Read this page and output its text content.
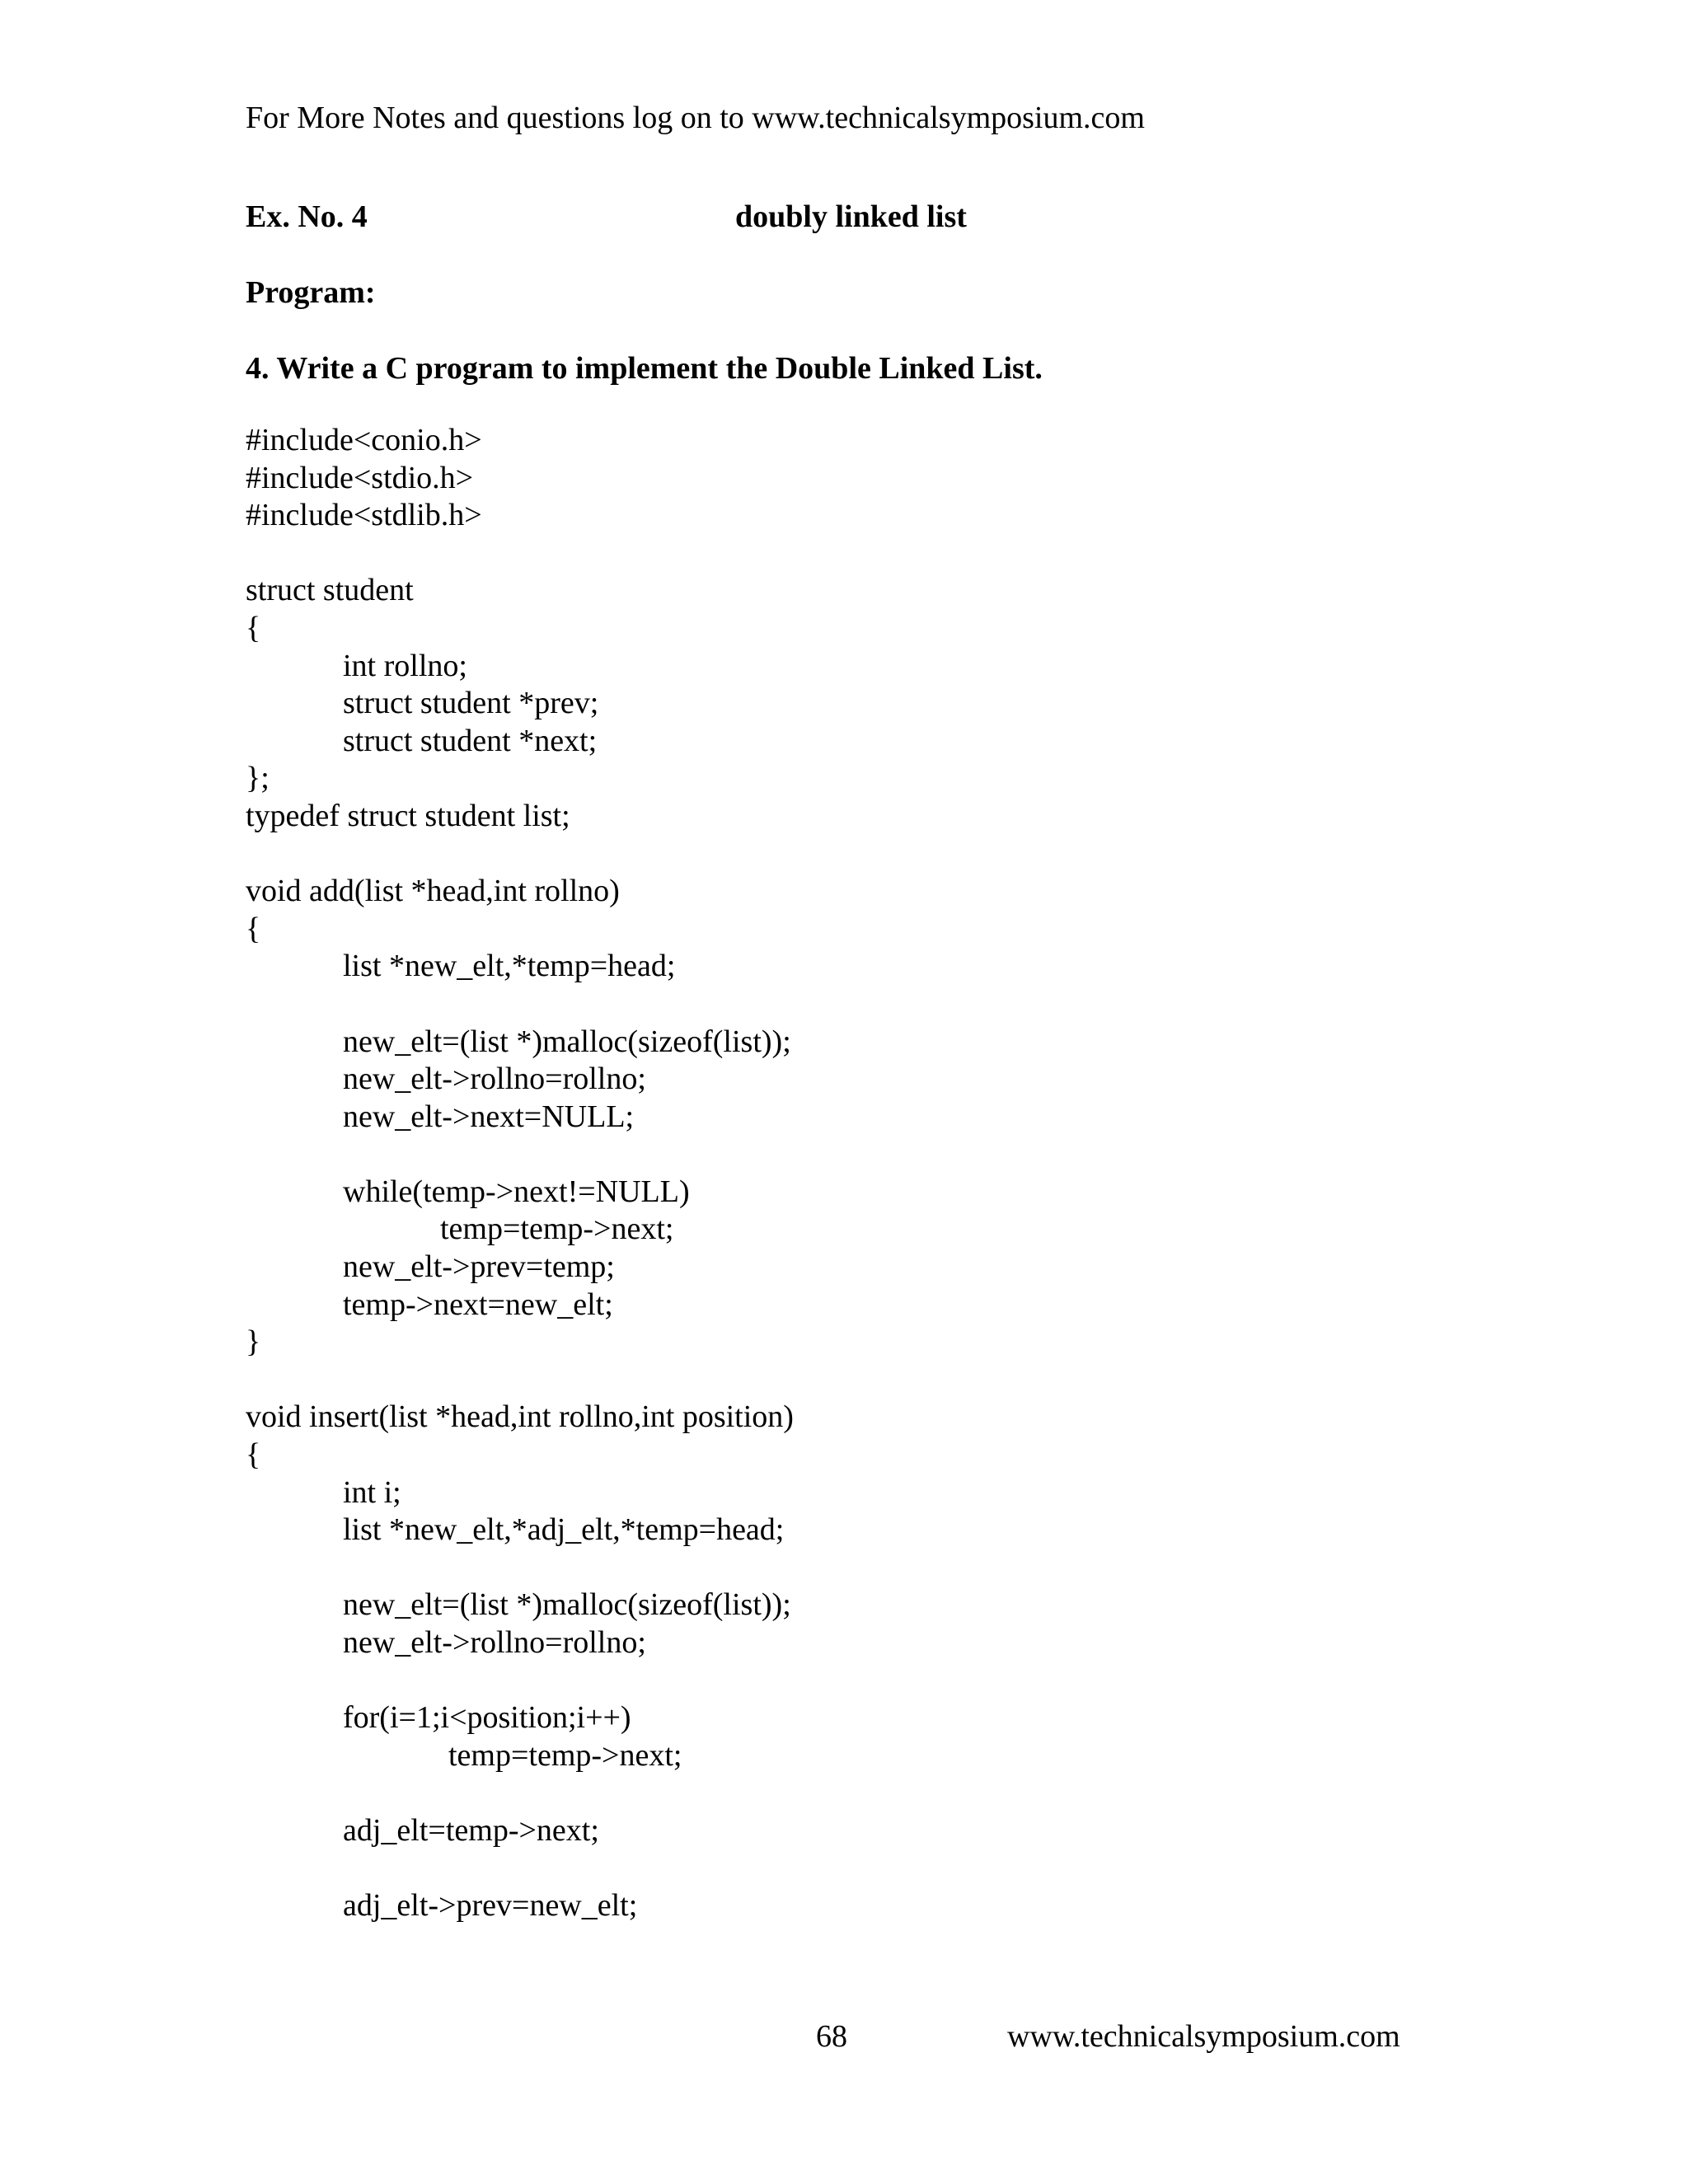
For More Notes and questions log on to www.technicalsymposium.com
Ex. No. 4	doubly linked list
Program:
4. Write a C program to implement the Double Linked List.
#include<conio.h>
#include<stdio.h>
#include<stdlib.h>
struct student
{
int rollno;
struct student *prev;
struct student *next;
};
typedef struct student list;
void add(list *head,int rollno)
{
list *new_elt,*temp=head;
new_elt=(list *)malloc(sizeof(list));
new_elt->rollno=rollno;
new_elt->next=NULL;
while(temp->next!=NULL)
temp=temp->next;
new_elt->prev=temp;
temp->next=new_elt;
}
void insert(list *head,int rollno,int position)
{
int i;
list *new_elt,*adj_elt,*temp=head;
new_elt=(list *)malloc(sizeof(list));
new_elt->rollno=rollno;
for(i=1;i<position;i++)
temp=temp->next;
adj_elt=temp->next;
adj_elt->prev=new_elt;
68	www.technicalsymposium.com
